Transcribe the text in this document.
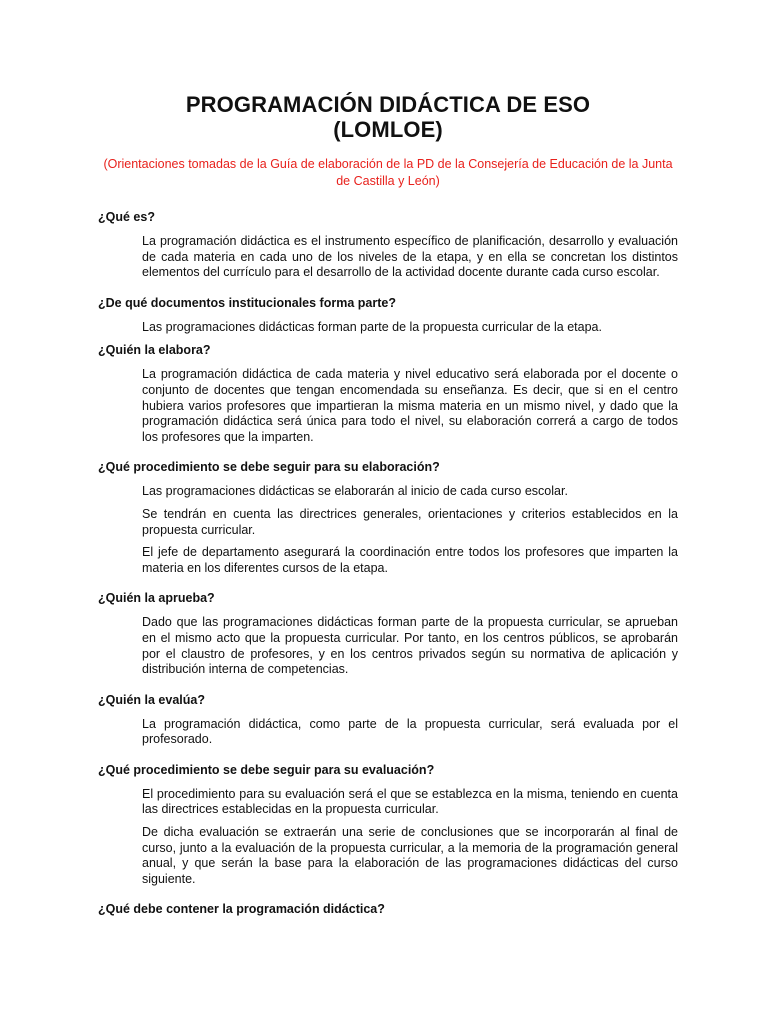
PROGRAMACIÓN DIDÁCTICA DE ESO
(LOMLOE)
(Orientaciones tomadas de la Guía de elaboración de la PD de la Consejería de Educación de la Junta de Castilla y León)
¿Qué es?

La programación didáctica es el instrumento específico de planificación, desarrollo y evaluación de cada materia en cada uno de los niveles de la etapa, y en ella se concretan los distintos elementos del currículo para el desarrollo de la actividad docente durante cada curso escolar.

¿De qué documentos institucionales forma parte?

Las programaciones didácticas forman parte de la propuesta curricular de la etapa.

¿Quién la elabora?

La programación didáctica de cada materia y nivel educativo será elaborada por el docente o conjunto de docentes que tengan encomendada su enseñanza. Es decir, que si en el centro hubiera varios profesores que impartieran la misma materia en un mismo nivel, y dado que la programación didáctica será única para todo el nivel, su elaboración correrá a cargo de todos los profesores que la imparten.

¿Qué procedimiento se debe seguir para su elaboración?

Las programaciones didácticas se elaborarán al inicio de cada curso escolar.

Se tendrán en cuenta las directrices generales, orientaciones y criterios establecidos en la propuesta curricular.

El jefe de departamento asegurará la coordinación entre todos los profesores que imparten la materia en los diferentes cursos de la etapa.

¿Quién la aprueba?

Dado que las programaciones didácticas forman parte de la propuesta curricular, se aprueban en el mismo acto que la propuesta curricular. Por tanto, en los centros públicos, se aprobarán por el claustro de profesores, y en los centros privados según su normativa de aplicación y distribución interna de competencias.

¿Quién la evalúa?

La programación didáctica, como parte de la propuesta curricular, será evaluada por el profesorado.

¿Qué procedimiento se debe seguir para su evaluación?

El procedimiento para su evaluación será el que se establezca en la misma, teniendo en cuenta las directrices establecidas en la propuesta curricular.

De dicha evaluación se extraerán una serie de conclusiones que se incorporarán al final de curso, junto a la evaluación de la propuesta curricular, a la memoria de la programación general anual, y que serán la base para la elaboración de las programaciones didácticas del curso siguiente.

¿Qué debe contener la programación didáctica?
